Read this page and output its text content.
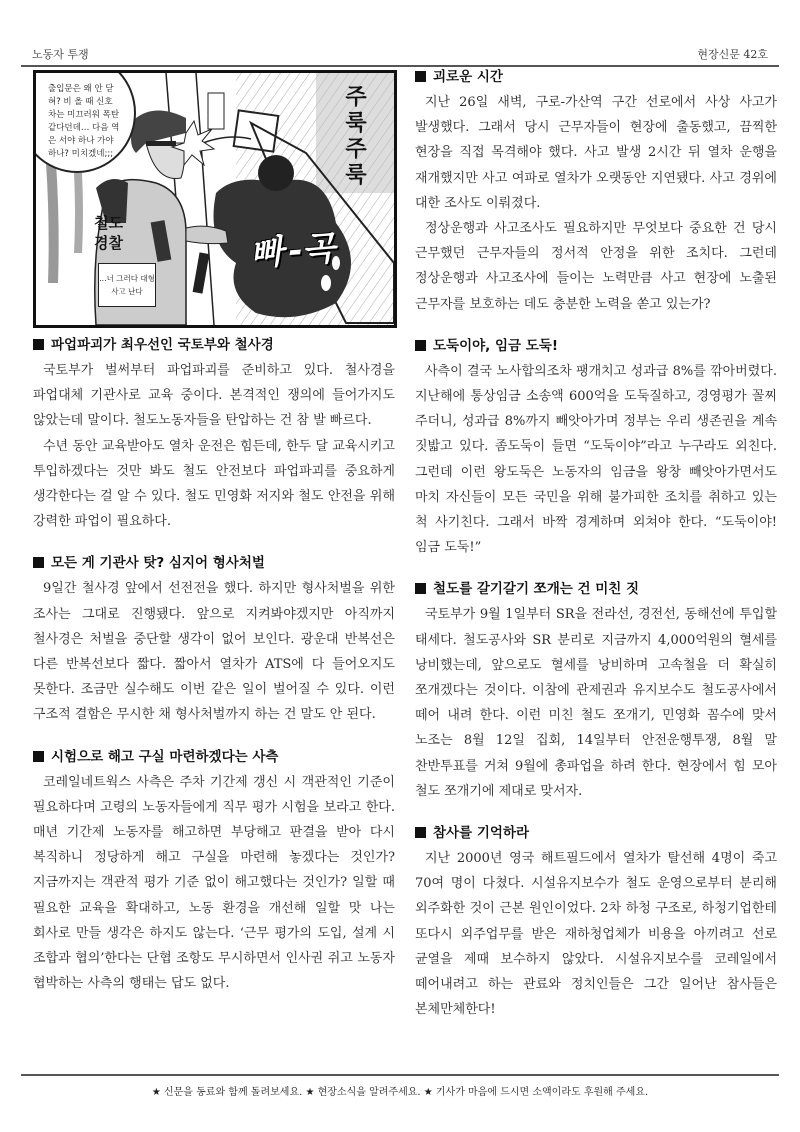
노동자 투쟁	현장신문 42호
출입문은 왜 안 닫혀? 비 올 때 신호차는 미끄러워 폭탄 같다던데… 다음 역은 서야 하나 가야 하나? 미치겠네;;;
철도 경찰
…너 그러다 대형사고 난다
주룩주룩
빠-곡
파업파괴가 최우선인 국토부와 철사경

국토부가 벌써부터 파업파괴를 준비하고 있다. 철사경을 파업대체 기관사로 교육 중이다. 본격적인 쟁의에 들어가지도 않았는데 말이다. 철도노동자들을 탄압하는 건 참 발 빠르다.

수년 동안 교육받아도 열차 운전은 힘든데, 한두 달 교육시키고 투입하겠다는 것만 봐도 철도 안전보다 파업파괴를 중요하게 생각한다는 걸 알 수 있다. 철도 민영화 저지와 철도 안전을 위해 강력한 파업이 필요하다.

모든 게 기관사 탓? 심지어 형사처벌

9일간 철사경 앞에서 선전전을 했다. 하지만 형사처벌을 위한 조사는 그대로 진행됐다. 앞으로 지켜봐야겠지만 아직까지 철사경은 처벌을 중단할 생각이 없어 보인다. 광운대 반복선은 다른 반복선보다 짧다. 짧아서 열차가 ATS에 다 들어오지도 못한다. 조금만 실수해도 이번 같은 일이 벌어질 수 있다. 이런 구조적 결함은 무시한 채 형사처벌까지 하는 건 말도 안 된다.

시험으로 해고 구실 마련하겠다는 사측

코레일네트웍스 사측은 주차 기간제 갱신 시 객관적인 기준이 필요하다며 고령의 노동자들에게 직무 평가 시험을 보라고 한다. 매년 기간제 노동자를 해고하면 부당해고 판결을 받아 다시 복직하니 정당하게 해고 구실을 마련해 놓겠다는 것인가? 지금까지는 객관적 평가 기준 없이 해고했다는 것인가? 일할 때 필요한 교육을 확대하고, 노동 환경을 개선해 일할 맛 나는 회사로 만들 생각은 하지도 않는다. ‘근무 평가의 도입, 설계 시 조합과 협의’한다는 단협 조항도 무시하면서 인사권 쥐고 노동자 협박하는 사측의 행태는 답도 없다.

괴로운 시간

지난 26일 새벽, 구로-가산역 구간 선로에서 사상 사고가 발생했다. 그래서 당시 근무자들이 현장에 출동했고, 끔찍한 현장을 직접 목격해야 했다. 사고 발생 2시간 뒤 열차 운행을 재개했지만 사고 여파로 열차가 오랫동안 지연됐다. 사고 경위에 대한 조사도 이뤄졌다.

정상운행과 사고조사도 필요하지만 무엇보다 중요한 건 당시 근무했던 근무자들의 정서적 안정을 위한 조치다. 그런데 정상운행과 사고조사에 들이는 노력만큼 사고 현장에 노출된 근무자를 보호하는 데도 충분한 노력을 쏟고 있는가?

도둑이야, 임금 도둑!

사측이 결국 노사합의조차 팽개치고 성과급 8%를 깎아버렸다. 지난해에 통상임금 소송액 600억을 도둑질하고, 경영평가 꼴찌 주더니, 성과급 8%까지 빼앗아가며 정부는 우리 생존권을 계속 짓밟고 있다. 좀도둑이 들면 “도둑이야”라고 누구라도 외친다. 그런데 이런 왕도둑은 노동자의 임금을 왕창 빼앗아가면서도 마치 자신들이 모든 국민을 위해 불가피한 조치를 취하고 있는 척 사기친다. 그래서 바짝 경계하며 외쳐야 한다. “도둑이야! 임금 도둑!”

철도를 갈기갈기 쪼개는 건 미친 짓

국토부가 9월 1일부터 SR을 전라선, 경전선, 동해선에 투입할 태세다. 철도공사와 SR 분리로 지금까지 4,000억원의 혈세를 낭비했는데, 앞으로도 혈세를 낭비하며 고속철을 더 확실히 쪼개겠다는 것이다. 이참에 관제권과 유지보수도 철도공사에서 떼어 내려 한다. 이런 미친 철도 쪼개기, 민영화 꼼수에 맞서 노조는 8월 12일 집회, 14일부터 안전운행투쟁, 8월 말 찬반투표를 거쳐 9월에 총파업을 하려 한다. 현장에서 힘 모아 철도 쪼개기에 제대로 맞서자.

참사를 기억하라

지난 2000년 영국 해트필드에서 열차가 탈선해 4명이 죽고 70여 명이 다쳤다. 시설유지보수가 철도 운영으로부터 분리해 외주화한 것이 근본 원인이었다. 2차 하청 구조로, 하청기업한테 또다시 외주업무를 받은 재하청업체가 비용을 아끼려고 선로 균열을 제때 보수하지 않았다. 시설유지보수를 코레일에서 떼어내려고 하는 관료와 정치인들은 그간 일어난 참사들은 본체만체한다!

★ 신문을 동료와 함께 돌려보세요. ★ 현장소식을 알려주세요. ★ 기사가 마음에 드시면 소액이라도 후원해 주세요.
